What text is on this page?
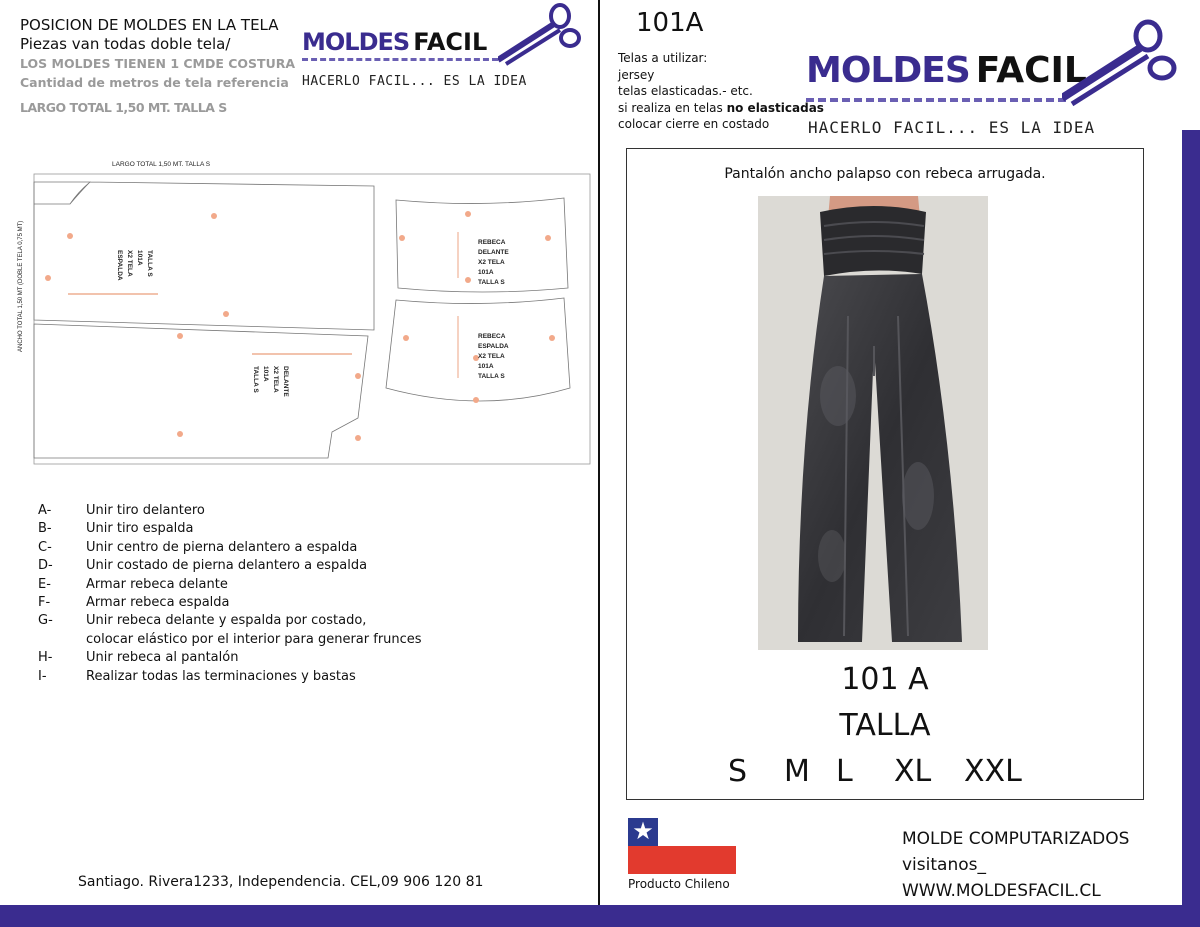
POSICION DE MOLDES EN LA TELA
Piezas van todas doble tela/
LOS MOLDES TIENEN 1 CMDE COSTURA
Cantidad de metros de tela referencia
LARGO TOTAL 1,50 MT. TALLA S
MOLDES FACIL
HACERLO FACIL... ES LA IDEA
LARGO TOTAL 1,50 MT. TALLA S
ANCHO TOTAL 1,50 MT (DOBLE TELA 0,75 MT)	ESPALDA X2 TELA 101A TALLA S
DELANTE
X2 TELA
101A
TALLA S
REBECA
DELANTE
X2 TELA
101A
TALLA S
REBECA
ESPALDA
X2 TELA
101A
TALLA S
A-	Unir tiro delantero
B-	Unir tiro espalda
C-	Unir centro de pierna delantero a espalda
D-	Unir costado de pierna delantero a espalda
E-	Armar rebeca delante
F-	Armar rebeca espalda
G-	Unir rebeca delante y espalda por costado,
colocar elástico por el interior para generar frunces
H-	Unir rebeca al pantalón
I-	Realizar todas las terminaciones y bastas
Santiago. Rivera1233, Independencia. CEL,09 906 120 81
101A
Telas a utilizar:
jersey
telas elasticadas.- etc.
si realiza en telas no elasticadas
colocar cierre en costado
MOLDES FACIL
HACERLO FACIL... ES LA IDEA
Pantalón ancho palapso con rebeca arrugada.
101 A
TALLA
S M L XL XXL
★
Producto Chileno
MOLDE COMPUTARIZADOS
visitanos_
WWW.MOLDESFACIL.CL
